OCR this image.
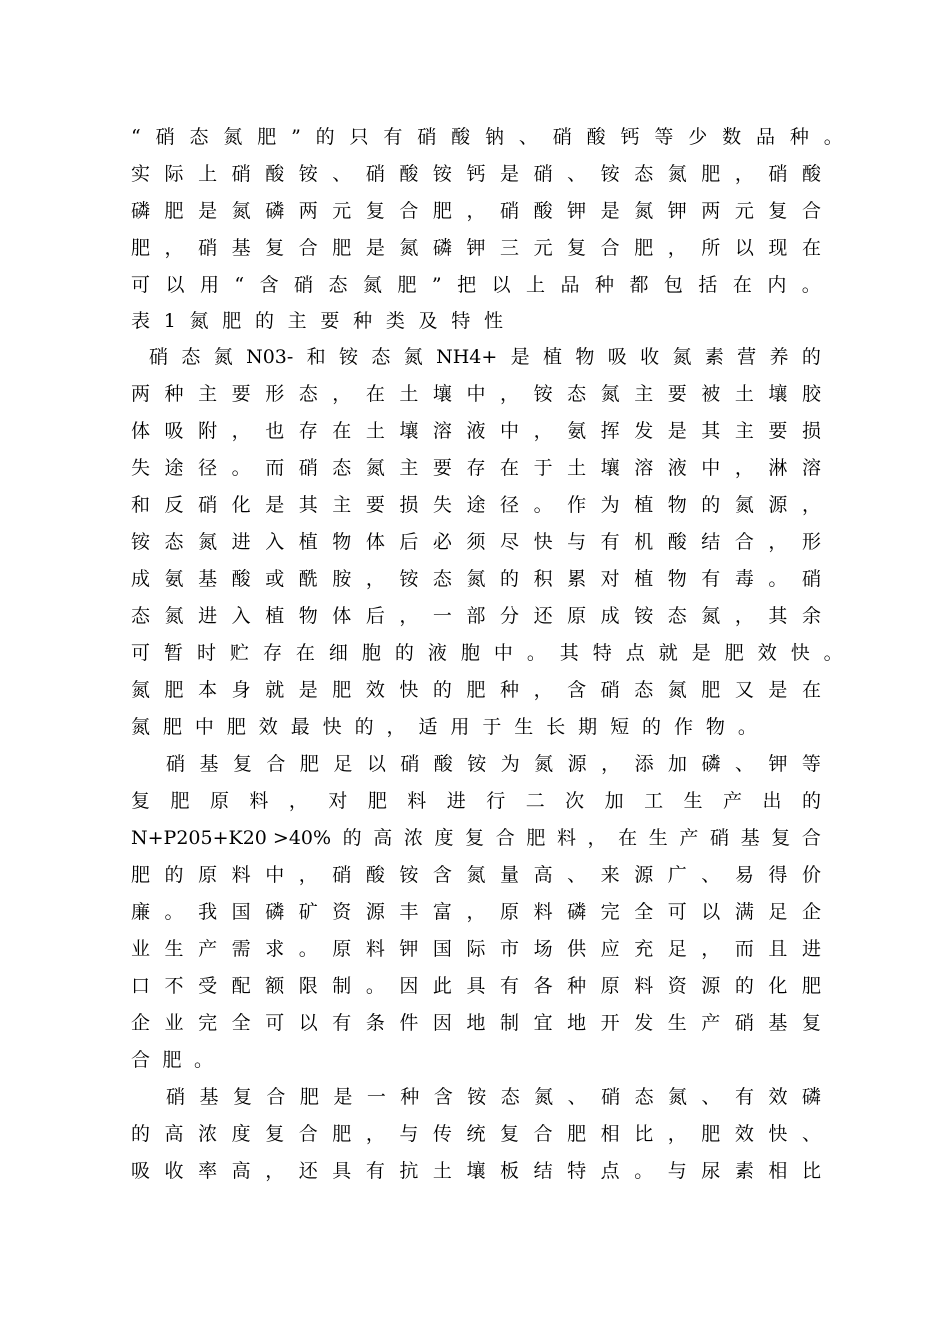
“ 硝 态 氮 肥 ” 的 只 有 硝 酸 钠 、 硝 酸 钙 等 少 数 品 种 。
实 际 上 硝 酸 铵 、 硝 酸 铵 钙 是 硝 、 铵 态 氮 肥 ， 硝 酸
磷 肥 是 氮 磷 两 元 复 合 肥 ， 硝 酸 钾 是 氮 钾 两 元 复 合
肥 ， 硝 基 复 合 肥 是 氮 磷 钾 三 元 复 合 肥 ， 所 以 现 在
可 以 用 “ 含 硝 态 氮 肥 ” 把 以 上 品 种 都 包 括 在 内 。
表 1 氮 肥 的 主 要 种 类 及 特 性
硝 态 氮 N03- 和 铵 态 氮 NH4+ 是 植 物 吸 收 氮 素 营 养 的
两 种 主 要 形 态 ， 在 土 壤 中 ， 铵 态 氮 主 要 被 土 壤 胶
体 吸 附 ， 也 存 在 土 壤 溶 液 中 ， 氨 挥 发 是 其 主 要 损
失 途 径 。 而 硝 态 氮 主 要 存 在 于 土 壤 溶 液 中 ， 淋 溶
和 反 硝 化 是 其 主 要 损 失 途 径 。 作 为 植 物 的 氮 源 ，
铵 态 氮 进 入 植 物 体 后 必 须 尽 快 与 有 机 酸 结 合 ， 形
成 氨 基 酸 或 酰 胺 ， 铵 态 氮 的 积 累 对 植 物 有 毒 。 硝
态 氮 进 入 植 物 体 后 ， 一 部 分 还 原 成 铵 态 氮 ， 其 余
可 暂 时 贮 存 在 细 胞 的 液 胞 中 。 其 特 点 就 是 肥 效 快 。
氮 肥 本 身 就 是 肥 效 快 的 肥 种 ， 含 硝 态 氮 肥 又 是 在
氮 肥 中 肥 效 最 快 的 ， 适 用 于 生 长 期 短 的 作 物 。
硝 基 复 合 肥 足 以 硝 酸 铵 为 氮 源 ， 添 加 磷 、 钾 等
复 肥 原 料 ， 对 肥 料 进 行 二 次 加 工 生 产 出 的
N+P205+K20 >40% 的 高 浓 度 复 合 肥 料 ， 在 生 产 硝 基 复 合
肥 的 原 料 中 ， 硝 酸 铵 含 氮 量 高 、 来 源 广 、 易 得 价
廉 。 我 国 磷 矿 资 源 丰 富 ， 原 料 磷 完 全 可 以 满 足 企
业 生 产 需 求 。 原 料 钾 国 际 市 场 供 应 充 足 ， 而 且 进
口 不 受 配 额 限 制 。 因 此 具 有 各 种 原 料 资 源 的 化 肥
企 业 完 全 可 以 有 条 件 因 地 制 宜 地 开 发 生 产 硝 基 复
合 肥 。
硝 基 复 合 肥 是 一 种 含 铵 态 氮 、 硝 态 氮 、 有 效 磷
的 高 浓 度 复 合 肥 ， 与 传 统 复 合 肥 相 比 ， 肥 效 快 、
吸 收 率 高 ， 还 具 有 抗 土 壤 板 结 特 点 。 与 尿 素 相 比
